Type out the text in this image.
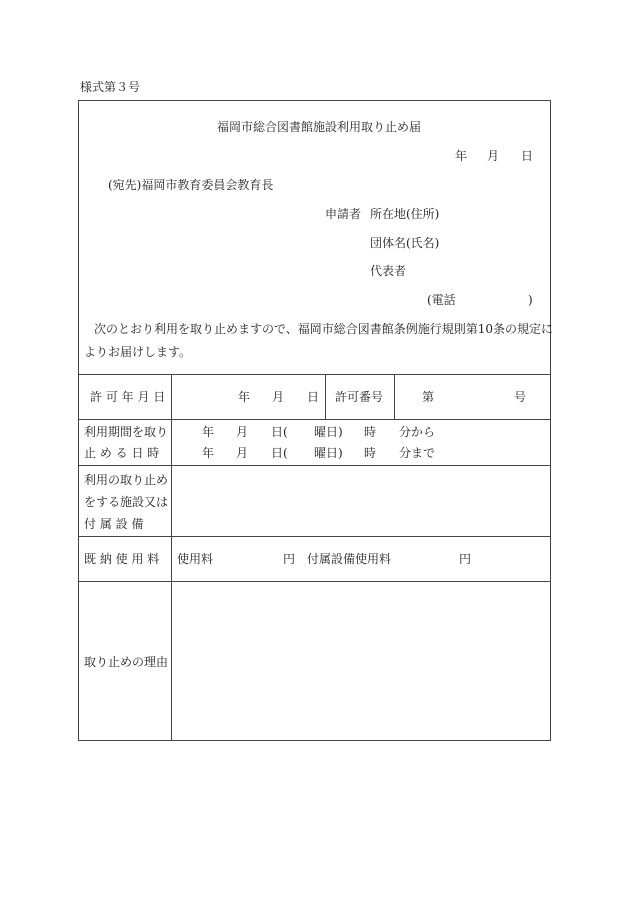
様式第３号
福岡市総合図書館施設利用取り止め届
年 月 日
(宛先)福岡市教育委員会教育長
申請者 所在地(住所)
団体名(氏名)
代表者
(電話	)
次のとおり利用を取り止めますので、福岡市総合図書館条例施行規則第10条の規定に
よりお届けします。
許 可 年 月 日	年 月 日 許可番号	第	号
利用期間を取り
止 め る 日 時
年 月 日( 曜日) 時 分から
年 月 日( 曜日) 時 分まで
利用の取り止め
をする施設又は
付 属 設 備
既 納 使 用 料 使用料	円 付属設備使用料	円
取り止めの理由
